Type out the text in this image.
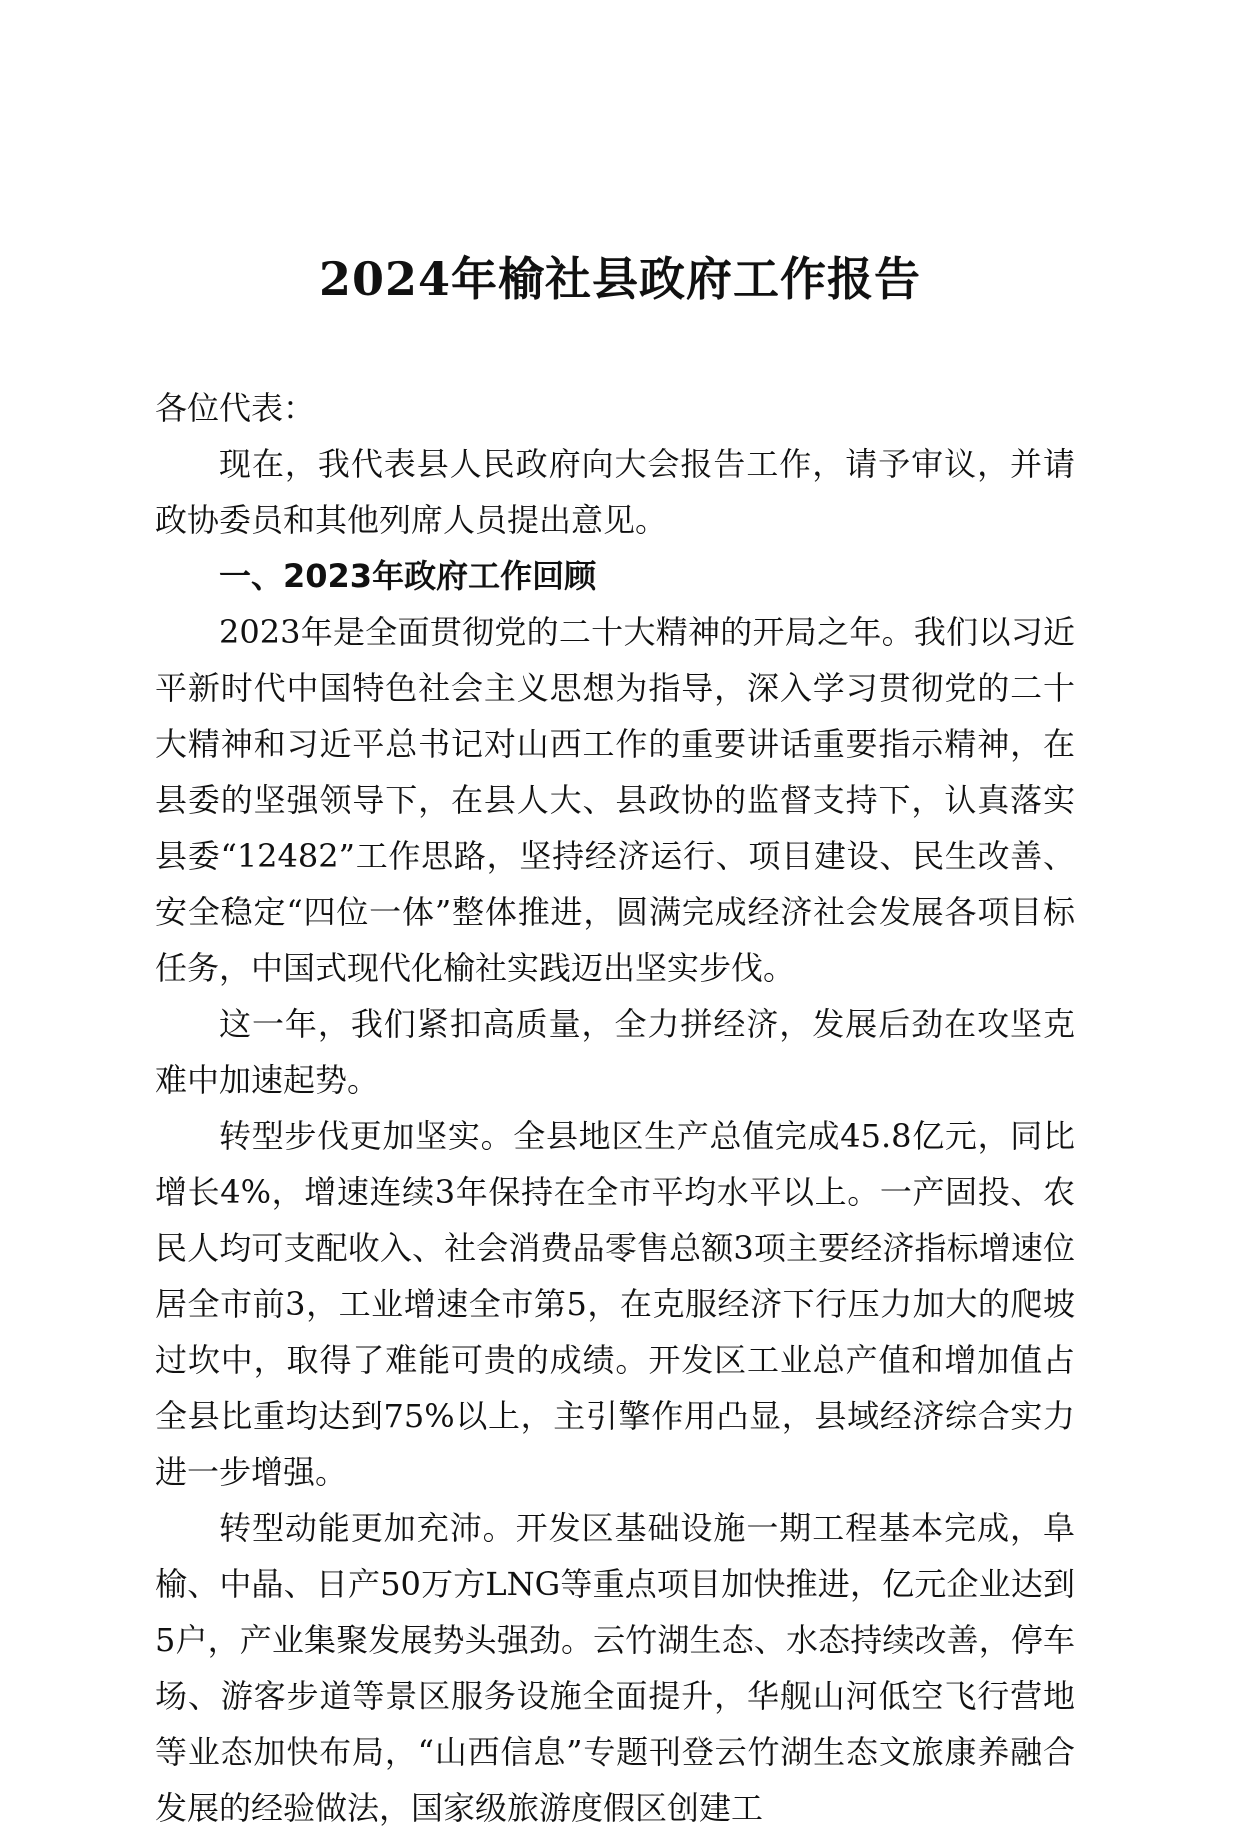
2024年榆社县政府工作报告

各位代表：

现在，我代表县人民政府向大会报告工作，请予审议，并请政协委员和其他列席人员提出意见。

一、2023年政府工作回顾

2023年是全面贯彻党的二十大精神的开局之年。我们以习近平新时代中国特色社会主义思想为指导，深入学习贯彻党的二十大精神和习近平总书记对山西工作的重要讲话重要指示精神，在县委的坚强领导下，在县人大、县政协的监督支持下，认真落实县委“12482”工作思路，坚持经济运行、项目建设、民生改善、安全稳定“四位一体”整体推进，圆满完成经济社会发展各项目标任务，中国式现代化榆社实践迈出坚实步伐。

这一年，我们紧扣高质量，全力拼经济，发展后劲在攻坚克难中加速起势。

转型步伐更加坚实。全县地区生产总值完成45.8亿元，同比增长4%，增速连续3年保持在全市平均水平以上。一产固投、农民人均可支配收入、社会消费品零售总额3项主要经济指标增速位居全市前3，工业增速全市第5，在克服经济下行压力加大的爬坡过坎中，取得了难能可贵的成绩。开发区工业总产值和增加值占全县比重均达到75%以上，主引擎作用凸显，县域经济综合实力进一步增强。

转型动能更加充沛。开发区基础设施一期工程基本完成，阜榆、中晶、日产50万方LNG等重点项目加快推进，亿元企业达到5户，产业集聚发展势头强劲。云竹湖生态、水态持续改善，停车场、游客步道等景区服务设施全面提升，华舰山河低空飞行营地等业态加快布局，“山西信息”专题刊登云竹湖生态文旅康养融合发展的经验做法，国家级旅游度假区创建工
